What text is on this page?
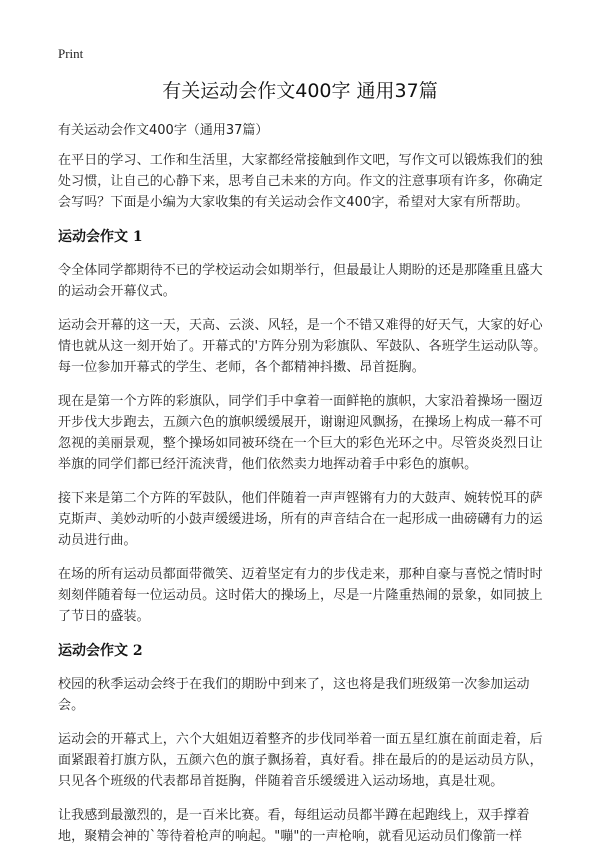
Print
有关运动会作文400字 通用37篇
有关运动会作文400字（通用37篇）

在平日的学习、工作和生活里，大家都经常接触到作文吧，写作文可以锻炼我们的独处习惯，让自己的心静下来，思考自己未来的方向。作文的注意事项有许多，你确定会写吗？下面是小编为大家收集的有关运动会作文400字，希望对大家有所帮助。

运动会作文 1

令全体同学都期待不已的学校运动会如期举行，但最最让人期盼的还是那隆重且盛大的运动会开幕仪式。

运动会开幕的这一天，天高、云淡、风轻，是一个不错又难得的好天气，大家的好心情也就从这一刻开始了。开幕式的'方阵分别为彩旗队、军鼓队、各班学生运动队等。每一位参加开幕式的学生、老师，各个都精神抖擞、昂首挺胸。

现在是第一个方阵的彩旗队，同学们手中拿着一面鲜艳的旗帜，大家沿着操场一圈迈开步伐大步跑去，五颜六色的旗帜缓缓展开，谢谢迎风飘扬，在操场上构成一幕不可忽视的美丽景观，整个操场如同被环绕在一个巨大的彩色光环之中。尽管炎炎烈日让举旗的同学们都已经汗流浃背，他们依然卖力地挥动着手中彩色的旗帜。

接下来是第二个方阵的军鼓队，他们伴随着一声声铿锵有力的大鼓声、婉转悦耳的萨克斯声、美妙动听的小鼓声缓缓进场，所有的声音结合在一起形成一曲磅礴有力的运动员进行曲。

在场的所有运动员都面带微笑、迈着坚定有力的步伐走来，那种自豪与喜悦之情时时刻刻伴随着每一位运动员。这时偌大的操场上，尽是一片隆重热闹的景象，如同披上了节日的盛装。

运动会作文 2

校园的秋季运动会终于在我们的期盼中到来了，这也将是我们班级第一次参加运动会。

运动会的开幕式上，六个大姐姐迈着整齐的步伐同举着一面五星红旗在前面走着，后面紧跟着打旗方队，五颜六色的旗子飘扬着，真好看。排在最后的的是运动员方队，只见各个班级的代表都昂首挺胸，伴随着音乐缓缓进入运动场地，真是壮观。

让我感到最激烈的，是一百米比赛。看，每组运动员都半蹲在起跑线上，双手撑着地，聚精会神的`等待着枪声的响起。"嘣"的一声枪响，就看见运动员们像箭一样
